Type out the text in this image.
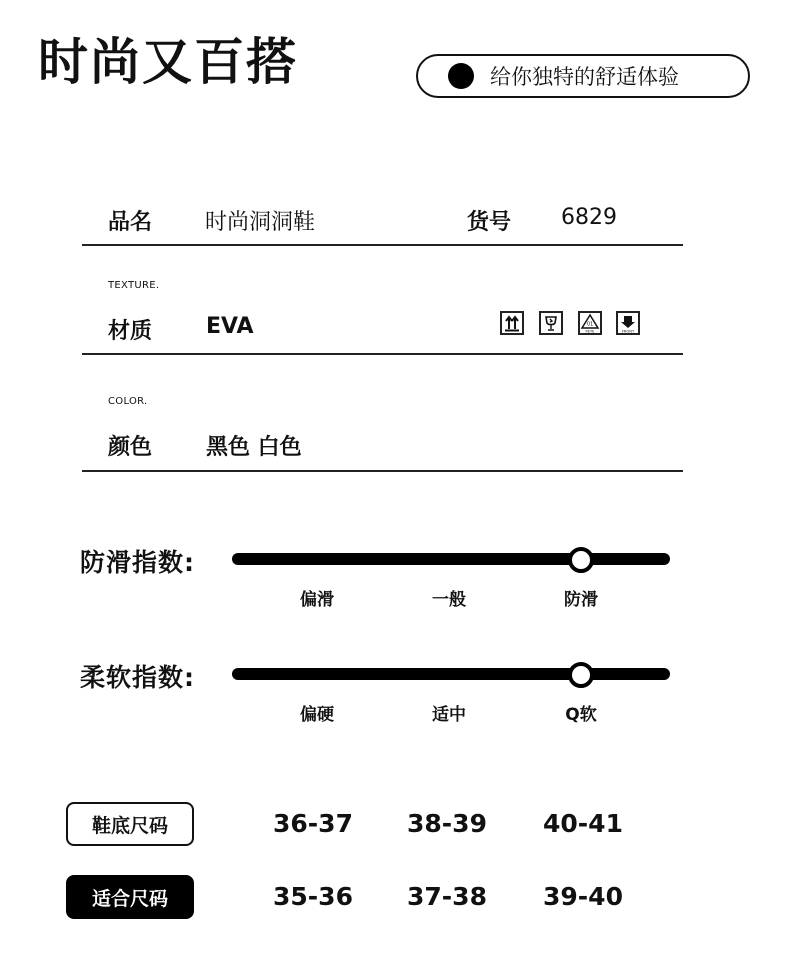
时尚又百搭	给你独特的舒适体验
品名 时尚洞洞鞋	货号 6829
TEXTURE.
材质 EVA	01
PETE	FRONT
COLOR.
颜色 黑色 白色
防滑指数:
偏滑	一般	防滑
柔软指数:
偏硬	适中	Q软
鞋底尺码	36-37	38-39	40-41
适合尺码	35-36	37-38	39-40
